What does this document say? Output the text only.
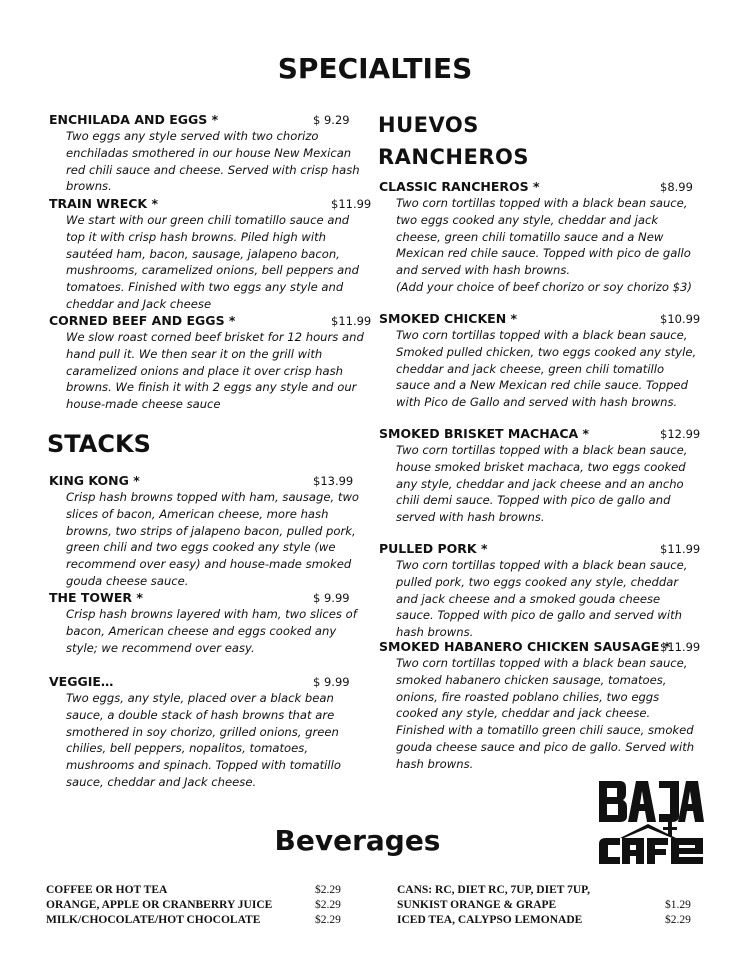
SPECIALTIES
ENCHILADA AND EGGS *	$ 9.29
Two eggs any style served with two chorizo enchiladas smothered in our house New Mexican red chili sauce and cheese. Served with crisp hash browns.
TRAIN WRECK *	$11.99
We start with our green chili tomatillo sauce and top it with crisp hash browns. Piled high with sautéed ham, bacon, sausage, jalapeno bacon, mushrooms, caramelized onions, bell peppers and tomatoes. Finished with two eggs any style and cheddar and Jack cheese
CORNED BEEF AND EGGS *	$11.99
We slow roast corned beef brisket for 12 hours and hand pull it. We then sear it on the grill with caramelized onions and place it over crisp hash browns. We finish it with 2 eggs any style and our house-made cheese sauce
STACKS
KING KONG *	$13.99
Crisp hash browns topped with ham, sausage, two slices of bacon, American cheese, more hash browns, two strips of jalapeno bacon, pulled pork, green chili and two eggs cooked any style (we recommend over easy) and house-made smoked gouda cheese sauce.
THE TOWER *	$ 9.99
Crisp hash browns layered with ham, two slices of bacon, American cheese and eggs cooked any style; we recommend over easy.
VEGGIE…	$ 9.99
Two eggs, any style, placed over a black bean sauce, a double stack of hash browns that are smothered in soy chorizo, grilled onions, green chilies, bell peppers, nopalitos, tomatoes, mushrooms and spinach. Topped with tomatillo sauce, cheddar and Jack cheese.
HUEVOS
RANCHEROS
CLASSIC RANCHEROS *	$8.99
Two corn tortillas topped with a black bean sauce, two eggs cooked any style, cheddar and jack cheese, green chili tomatillo sauce and a New Mexican red chile sauce. Topped with pico de gallo and served with hash browns.
(Add your choice of beef chorizo or soy chorizo $3)
SMOKED CHICKEN *	$10.99
Two corn tortillas topped with a black bean sauce, Smoked pulled chicken, two eggs cooked any style, cheddar and jack cheese, green chili tomatillo sauce and a New Mexican red chile sauce. Topped with Pico de Gallo and served with hash browns.
SMOKED BRISKET MACHACA *	$12.99
Two corn tortillas topped with a black bean sauce, house smoked brisket machaca, two eggs cooked any style, cheddar and jack cheese and an ancho chili demi sauce. Topped with pico de gallo and served with hash browns.
PULLED PORK *	$11.99
Two corn tortillas topped with a black bean sauce, pulled pork, two eggs cooked any style, cheddar and jack cheese and a smoked gouda cheese sauce. Topped with pico de gallo and served with hash browns.
SMOKED HABANERO CHICKEN SAUSAGE *
$11.99
Two corn tortillas topped with a black bean sauce, smoked habanero chicken sausage, tomatoes, onions, fire roasted poblano chilies, two eggs cooked any style, cheddar and jack cheese. Finished with a tomatillo green chili sauce, smoked gouda cheese sauce and pico de gallo. Served with hash browns.
Beverages
COFFEE OR HOT TEA	$2.29
ORANGE, APPLE OR CRANBERRY JUICE	$2.29
MILK/CHOCOLATE/HOT CHOCOLATE	$2.29
CANS: RC, DIET RC, 7UP, DIET 7UP,
SUNKIST ORANGE & GRAPE	$1.29
ICED TEA, CALYPSO LEMONADE	$2.29
